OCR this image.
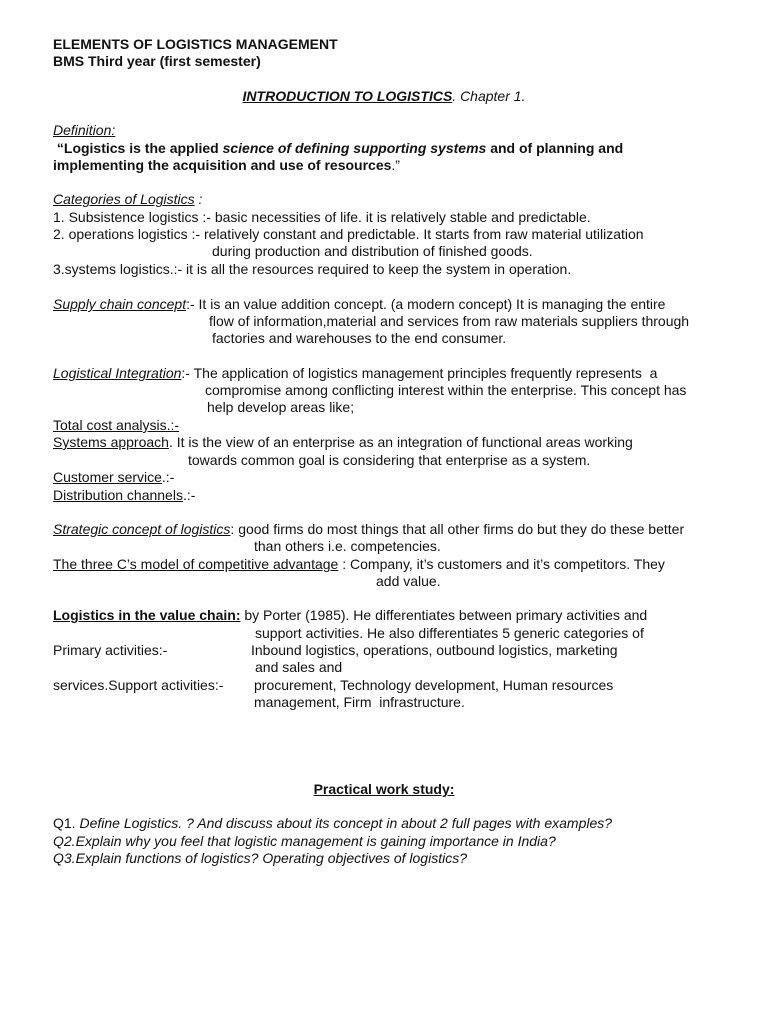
ELEMENTS OF LOGISTICS MANAGEMENT
BMS Third year (first semester)
INTRODUCTION TO LOGISTICS. Chapter 1.
Definition:
“Logistics is the applied science of defining supporting systems and of planning and
implementing the acquisition and use of resources.”
Categories of Logistics :
1. Subsistence logistics :- basic necessities of life. it is relatively stable and predictable.
2. operations logistics :- relatively constant and predictable. It starts from raw material utilization
during production and distribution of finished goods.
3.systems logistics.:- it is all the resources required to keep the system in operation.
Supply chain concept:- It is an value addition concept. (a modern concept) It is managing the entire
flow of information,material and services from raw materials suppliers through
factories and warehouses to the end consumer.
Logistical Integration:- The application of logistics management principles frequently represents  a
compromise among conflicting interest within the enterprise. This concept has
help develop areas like;
Total cost analysis.:-
Systems approach. It is the view of an enterprise as an integration of functional areas working
towards common goal is considering that enterprise as a system.
Customer service.:-
Distribution channels.:-
Strategic concept of logistics: good firms do most things that all other firms do but they do these better
than others i.e. competencies.
The three C’s model of competitive advantage : Company, it’s customers and it’s competitors. They
add value.
Logistics in the value chain: by Porter (1985). He differentiates between primary activities and
support activities. He also differentiates 5 generic categories of
Primary activities:-	Inbound logistics, operations, outbound logistics, marketing
and sales and
services.Support activities:- procurement, Technology development, Human resources
management, Firm  infrastructure.
Practical work study:
Q1. Define Logistics. ? And discuss about its concept in about 2 full pages with examples?
Q2.Explain why you feel that logistic management is gaining importance in India?
Q3.Explain functions of logistics? Operating objectives of logistics?
